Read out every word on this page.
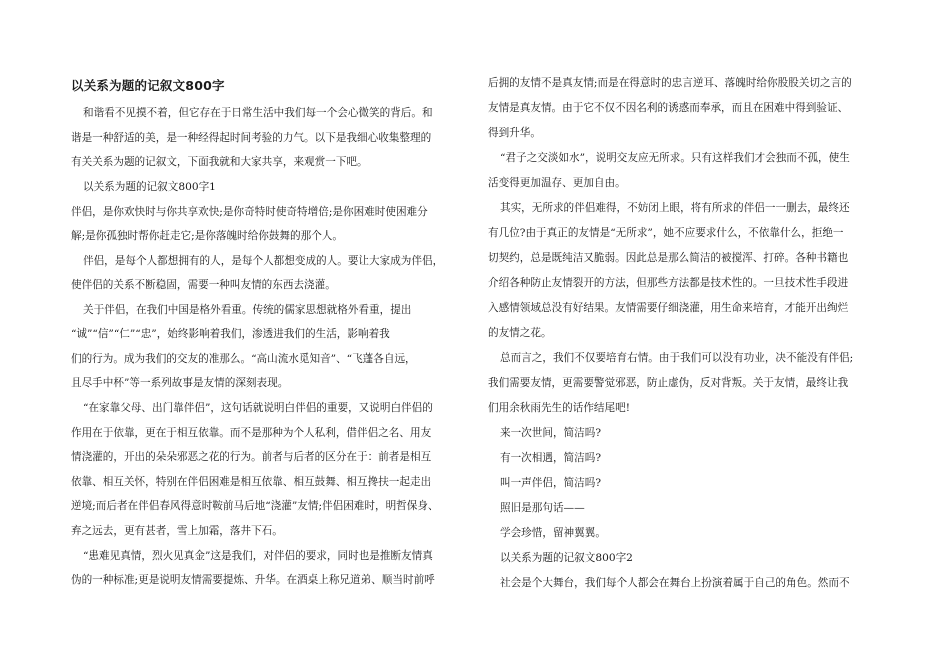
以关系为题的记叙文800字
和谐看不见摸不着，但它存在于日常生活中我们每一个会心微笑的背后。和
谐是一种舒适的美，是一种经得起时间考验的力气。以下是我细心收集整理的
有关关系为题的记叙文，下面我就和大家共享，来观赏一下吧。
以关系为题的记叙文800字1
伴侣，是你欢快时与你共享欢快;是你奇特时使奇特增倍;是你困难时使困难分
解;是你孤独时帮你赶走它;是你落魄时给你鼓舞的那个人。
伴侣，是每个人都想拥有的人，是每个人都想变成的人。要让大家成为伴侣，
使伴侣的关系不断稳固，需要一种叫友情的东西去浇灌。
关于伴侣，在我们中国是格外看重。传统的儒家思想就格外看重，提出
“诚”“信”“仁”“忠”，始终影响着我们，渗透进我们的生活，影响着我
们的行为。成为我们的交友的准那么。“高山流水觅知音”、“飞蓬各自远，
且尽手中杯”等一系列故事是友情的深刻表现。
“在家靠父母、出门靠伴侣”，这句话就说明白伴侣的重要，又说明白伴侣的
作用在于依靠，更在于相互依靠。而不是那种为个人私利，借伴侣之名、用友
情浇灌的，开出的朵朵邪恶之花的行为。前者与后者的区分在于：前者是相互
依靠、相互关怀，特别在伴侣困难是相互依靠、相互鼓舞、相互搀扶一起走出
逆境;而后者在伴侣春风得意时鞍前马后地“浇灌”友情;伴侣困难时，明哲保身、
弃之远去，更有甚者，雪上加霜，落井下石。
“患难见真情，烈火见真金”这是我们，对伴侣的要求，同时也是推断友情真
伪的一种标准;更是说明友情需要提炼、升华。在酒桌上称兄道弟、顺当时前呼
后拥的友情不是真友情;而是在得意时的忠言逆耳、落魄时给你股股关切之言的
友情是真友情。由于它不仅不因名利的诱惑而奉承，而且在困难中得到验证、
得到升华。
“君子之交淡如水”，说明交友应无所求。只有这样我们才会独而不孤，使生
活变得更加温存、更加自由。
其实，无所求的伴侣难得，不妨闭上眼，将有所求的伴侣一一删去，最终还
有几位?由于真正的友情是“无所求”，她不应要求什么，不依靠什么，拒绝一
切契约，总是既纯洁又脆弱。因此总是那么简洁的被搅浑、打碎。各种书籍也
介绍各种防止友情裂开的方法，但那些方法都是技术性的。一旦技术性手段进
入感情领域总没有好结果。友情需要仔细浇灌，用生命来培育，才能开出绚烂
的友情之花。
总而言之，我们不仅要培育右情。由于我们可以没有功业，决不能没有伴侣;
我们需要友情，更需要警觉邪恶，防止虚伪，反对背叛。关于友情，最终让我
们用余秋雨先生的话作结尾吧!
来一次世间，简洁吗?
有一次相遇，简洁吗?
叫一声伴侣，简洁吗?
照旧是那句话——
学会珍惜，留神翼翼。
以关系为题的记叙文800字2
社会是个大舞台，我们每个人都会在舞台上扮演着属于自己的角色。然而不
